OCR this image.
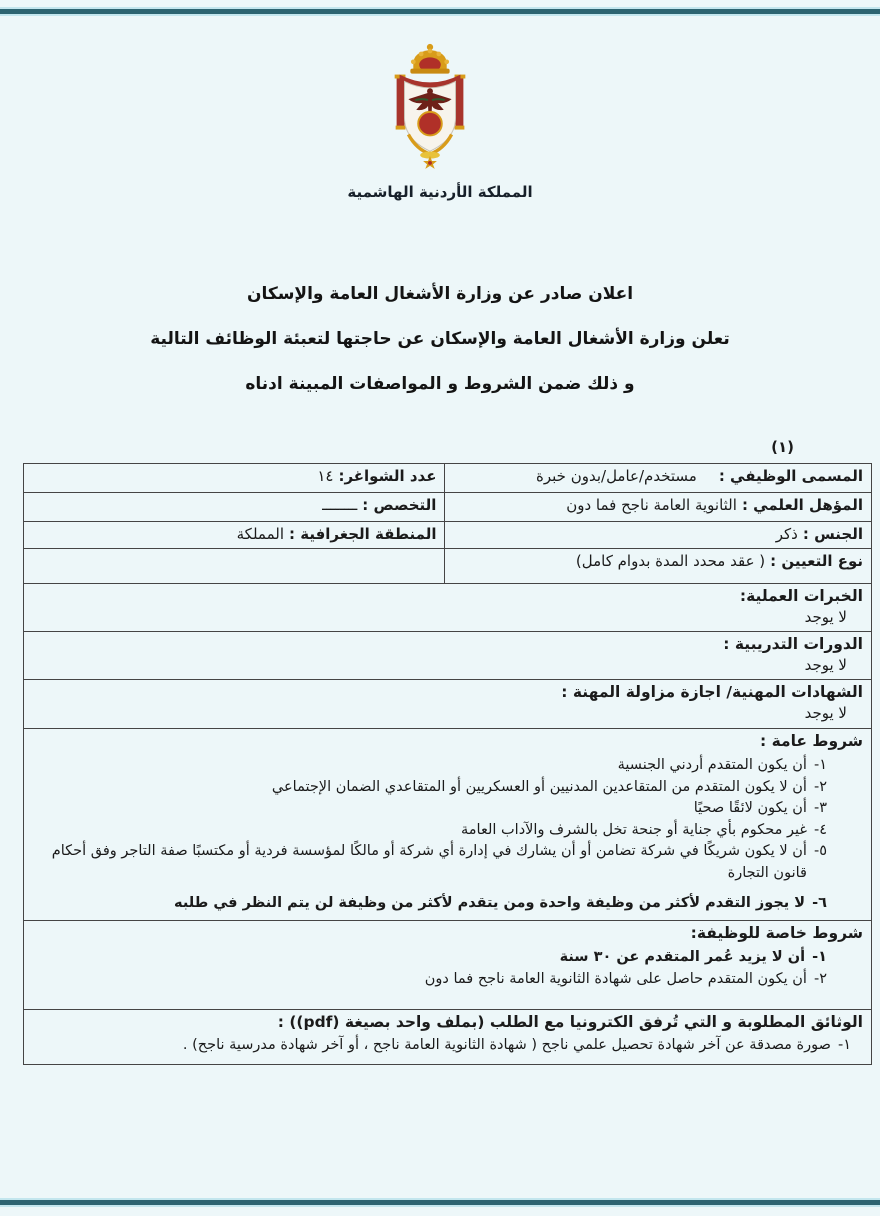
المملكة الأردنية الهاشمية
اعلان صادر عن وزارة الأشغال العامة والإسكان
تعلن وزارة الأشغال العامة والإسكان عن حاجتها لتعبئة الوظائف التالية
و ذلك ضمن الشروط و المواصفات المبينة ادناه
(١)
المسمى الوظيفي :مستخدم/عامل/بدون خبرة	عدد الشواغر:١٤
المؤهل العلمي :الثانوية العامة ناجح فما دون	التخصص :ــــــــ
الجنس :ذكر	المنطقة الجغرافية :المملكة
نوع التعيين :( عقد محدد المدة بدوام كامل)	

الخبرات العملية:
لا يوجد	

الدورات التدريبية :
لا يوجد	

الشهادات المهنية/ اجازة مزاولة المهنة :
لا يوجد	

شروط عامة :
١-
أن يكون المتقدم أردني الجنسية
٢-
أن لا يكون المتقدم من المتقاعدين المدنيين أو العسكريين أو المتقاعدي الضمان الإجتماعي
٣-
أن يكون لائقًا صحيًا
٤-
غير محكوم بأي جناية أو جنحة تخل بالشرف والآداب العامة
٥-
أن لا يكون شريكًا في شركة تضامن أو أن يشارك في إدارة أي شركة أو مالكًا لمؤسسة فردية أو مكتسبًا صفة التاجر وفق أحكام قانون التجارة
٦-
لا يجوز التقدم لأكثر من وظيفة واحدة ومن يتقدم لأكثر من وظيفة لن يتم النظر في طلبه

شروط خاصة للوظيفة:
١-
أن لا يزيد عُمر المتقدم عن ٣٠ سنة
٢-
أن يكون المتقدم حاصل على شهادة الثانوية العامة ناجح فما دون	

الوثائق المطلوبة و التي تُرفق الكترونيا مع الطلب (بملف واحد بصيغة (pdf)) :
١-
صورة مصدقة عن آخر شهادة تحصيل علمي ناجح ( شهادة الثانوية العامة ناجح ، أو آخر شهادة مدرسية ناجح) .	
